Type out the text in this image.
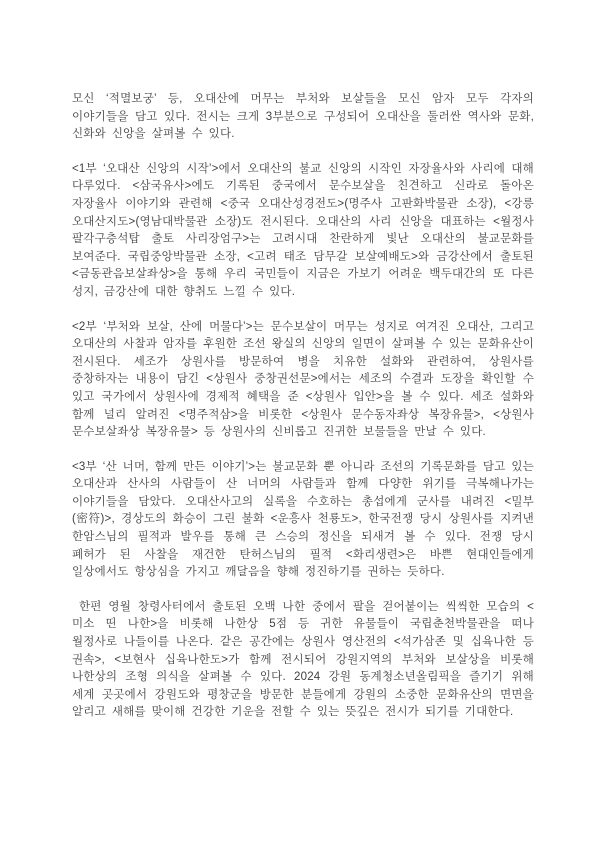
모신 ‘적멸보궁’ 등, 오대산에 머무는 부처와 보살들을 모신 암자 모두 각자의 이야기들을 담고 있다. 전시는 크게 3부분으로 구성되어 오대산을 둘러싼 역사와 문화, 신화와 신앙을 살펴볼 수 있다.

<1부 ‘오대산 신앙의 시작’>에서 오대산의 불교 신앙의 시작인 자장율사와 사리에 대해 다루었다. <삼국유사>에도 기록된 중국에서 문수보살을 친견하고 신라로 돌아온 자장율사 이야기와 관련해 <중국 오대산성경전도>(명주사 고판화박물관 소장), <강릉 오대산지도>(영남대박물관 소장)도 전시된다. 오대산의 사리 신앙을 대표하는 <월정사 팔각구층석탑 출토 사리장엄구>는 고려시대 찬란하게 빛난 오대산의 불교문화를 보여준다. 국립중앙박물관 소장, <고려 태조 담무갈 보살예배도>와 금강산에서 출토된 <금동관음보살좌상>을 통해 우리 국민들이 지금은 가보기 어려운 백두대간의 또 다른 성지, 금강산에 대한 향취도 느낄 수 있다.

<2부 ‘부처와 보살, 산에 머물다’>는 문수보살이 머무는 성지로 여겨진 오대산, 그리고 오대산의 사찰과 암자를 후원한 조선 왕실의 신앙의 일면이 살펴볼 수 있는 문화유산이 전시된다. 세조가 상원사를 방문하여 병을 치유한 설화와 관련하여, 상원사를 중창하자는 내용이 담긴 <상원사 중창권선문>에서는 세조의 수결과 도장을 확인할 수 있고 국가에서 상원사에 경제적 혜택을 준 <상원사 입안>을 볼 수 있다. 세조 설화와 함께 널리 알려진 <명주적삼>을 비롯한 <상원사 문수동자좌상 복장유물>, <상원사 문수보살좌상 복장유물> 등 상원사의 신비롭고 진귀한 보물들을 만날 수 있다.

<3부 ‘산 너머, 함께 만든 이야기’>는 불교문화 뿐 아니라 조선의 기록문화를 담고 있는 오대산과 산사의 사람들이 산 너머의 사람들과 함께 다양한 위기를 극복해나가는 이야기들을 담았다. 오대산사고의 실록을 수호하는 총섭에게 군사를 내려진 <밀부(密符)>, 경상도의 화승이 그린 불화 <운흥사 천룡도>, 한국전쟁 당시 상원사를 지켜낸 한암스님의 필적과 발우를 통해 큰 스승의 정신을 되새겨 볼 수 있다. 전쟁 당시 폐허가 된 사찰을 재건한 탄허스님의 필적 <화리생련>은 바쁜 현대인들에게 일상에서도 항상심을 가지고 깨달음을 향해 정진하기를 권하는 듯하다.

한편 영월 창령사터에서 출토된 오백 나한 중에서 팔을 걷어붙이는 씩씩한 모습의 <미소 띤 나한>을 비롯해 나한상 5점 등 귀한 유물들이 국립춘천박물관을 떠나 월정사로 나들이를 나온다. 같은 공간에는 상원사 영산전의 <석가삼존 및 십육나한 등 권속>, <보현사 십육나한도>가 함께 전시되어 강원지역의 부처와 보살상을 비롯해 나한상의 조형 의식을 살펴볼 수 있다. 2024 강원 동계청소년올림픽을 즐기기 위해 세계 곳곳에서 강원도와 평창군을 방문한 분들에게 강원의 소중한 문화유산의 면면을 알리고 새해를 맞이해 건강한 기운을 전할 수 있는 뜻깊은 전시가 되기를 기대한다.
